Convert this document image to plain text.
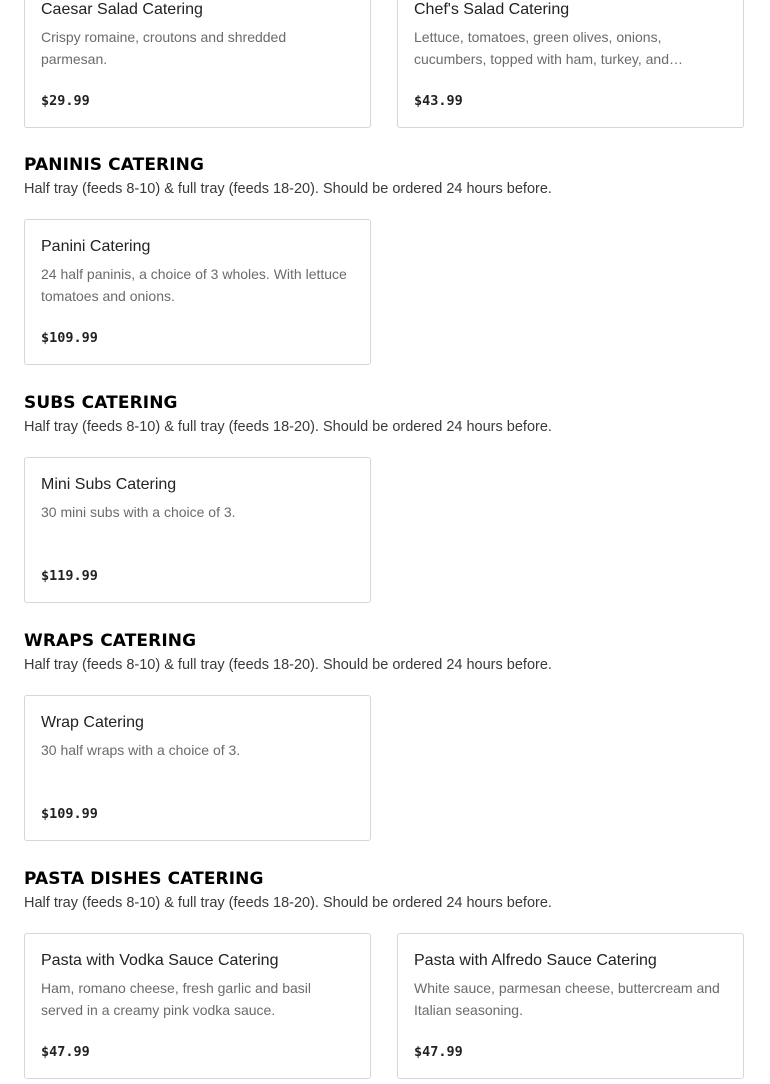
Caesar Salad Catering
Crispy romaine, croutons and shredded parmesan.
$29.99
Chef's Salad Catering
Lettuce, tomatoes, green olives, onions, cucumbers, topped with ham, turkey, and…
$43.99
PANINIS CATERING
Half tray (feeds 8-10) & full tray (feeds 18-20). Should be ordered 24 hours before.
Panini Catering
24 half paninis, a choice of 3 wholes. With lettuce tomatoes and onions.
$109.99
SUBS CATERING
Half tray (feeds 8-10) & full tray (feeds 18-20). Should be ordered 24 hours before.
Mini Subs Catering
30 mini subs with a choice of 3.
$119.99
WRAPS CATERING
Half tray (feeds 8-10) & full tray (feeds 18-20). Should be ordered 24 hours before.
Wrap Catering
30 half wraps with a choice of 3.
$109.99
PASTA DISHES CATERING
Half tray (feeds 8-10) & full tray (feeds 18-20). Should be ordered 24 hours before.
Pasta with Vodka Sauce Catering
Ham, romano cheese, fresh garlic and basil served in a creamy pink vodka sauce.
$47.99
Pasta with Alfredo Sauce Catering
White sauce, parmesan cheese, buttercream and Italian seasoning.
$47.99
